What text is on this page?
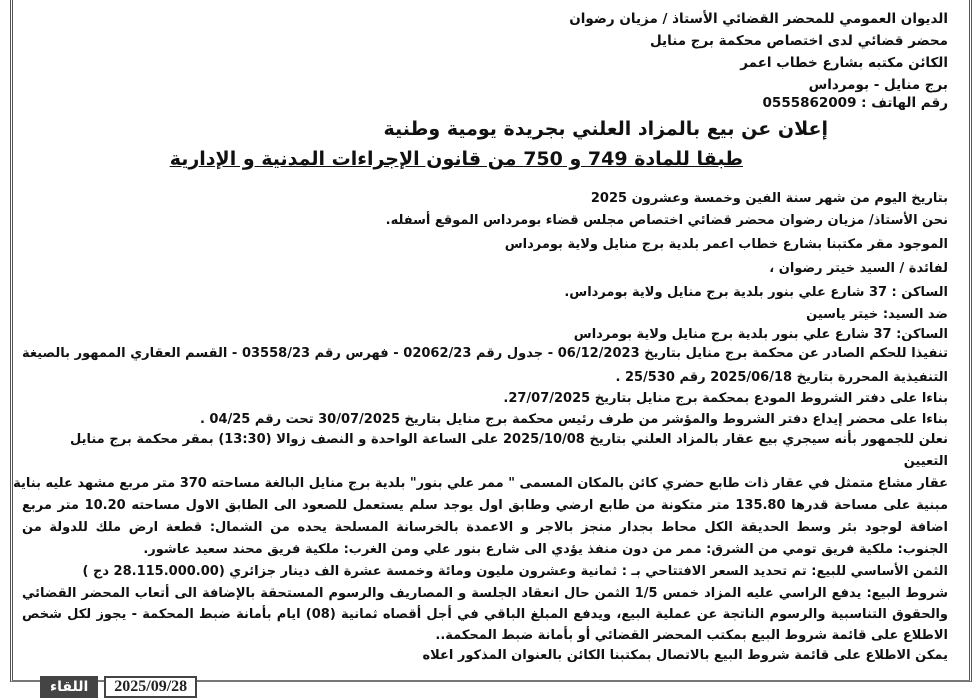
الديوان العمومي للمحضر القضائي الأستاذ / مزيان رضوان
محضر قضائي لدى اختصاص محكمة برج منايل
الكائن مكتبه بشارع خطاب اعمر
برج منايل - بومرداس
رقم الهاتف : 0555862009
إعلان عن بيع بالمزاد العلني بجريدة يومية وطنية
طبقا للمادة 749 و 750 من قانون الإجراءات المدنية و الإدارية
بتاريخ اليوم من شهر سنة الفين وخمسة وعشرون 2025
نحن الأستاذ/ مزيان رضوان محضر قضائي اختصاص مجلس قضاء بومرداس الموقع أسفله.
الموجود مقر مكتبنا بشارع خطاب اعمر بلدية برج منايل ولاية بومرداس
لفائدة / السيد خيتر رضوان ،
الساكن : 37 شارع علي بنور بلدية برج منايل ولاية بومرداس.
ضد السيد: خيتر ياسين
الساكن: 37 شارع علي بنور بلدية برج منايل ولاية بومرداس
تنفيذا للحكم الصادر عن محكمة برج منايل بتاريخ 06/12/2023 - جدول رقم 02062/23 - فهرس رقم 03558/23 - القسم العقاري الممهور بالصيغة
التنفيذية المحررة بتاريخ 2025/06/18 رقم 25/530 .
بناءا على دفتر الشروط المودع بمحكمة برج منايل بتاريخ 27/07/2025.
بناءا على محضر إيداع دفتر الشروط والمؤشر من طرف رئيس محكمة برج منايل بتاريخ 30/07/2025 تحت رقم 04/25 .
نعلن للجمهور بأنه سيجري بيع عقار بالمزاد العلني بتاريخ 2025/10/08 على الساعة الواحدة و النصف زوالا (13:30) بمقر محكمة برج منايل
التعيين
عقار مشاع متمثل في عقار ذات طابع حضري كائن بالمكان المسمى " ممر علي بنور" بلدية برج منايل البالغة مساحته 370 متر مربع مشهد عليه بناية
مبنية على مساحة قدرها 135.80 متر متكونة من طابع ارضي وطابق اول يوجد سلم يستعمل للصعود الى الطابق الاول مساحته 10.20 متر مربع
اضافة لوجود بئر وسط الحديقة الكل محاط بجدار منجز بالاجر و الاعمدة بالخرسانة المسلحة يحده من الشمال: قطعة ارض ملك للدولة من
الجنوب: ملكية فريق تومي من الشرق: ممر من دون منفذ يؤدي الى شارع بنور علي ومن الغرب: ملكية فريق محند سعيد عاشور.
الثمن الأساسي للبيع: تم تحديد السعر الافتتاحي بـ : ثمانية وعشرون مليون ومائة وخمسة عشرة الف دينار جزائري (28.115.000.00 دج )
شروط البيع: يدفع الراسي عليه المزاد خمس 1/5 الثمن حال انعقاد الجلسة و المصاريف والرسوم المستحقة بالإضافة الى أتعاب المحضر القضائي
والحقوق التناسبية والرسوم الناتجة عن عملية البيع، ويدفع المبلغ الباقي في أجل أقصاه ثمانية (08) ايام بأمانة ضبط المحكمة - يجوز لكل شخص
الاطلاع على قائمة شروط البيع بمكتب المحضر القضائي أو بأمانة ضبط المحكمة..
يمكن الاطلاع على قائمة شروط البيع بالاتصال بمكتبنا الكائن بالعنوان المذكور اعلاه
اللقاء	2025/09/28
